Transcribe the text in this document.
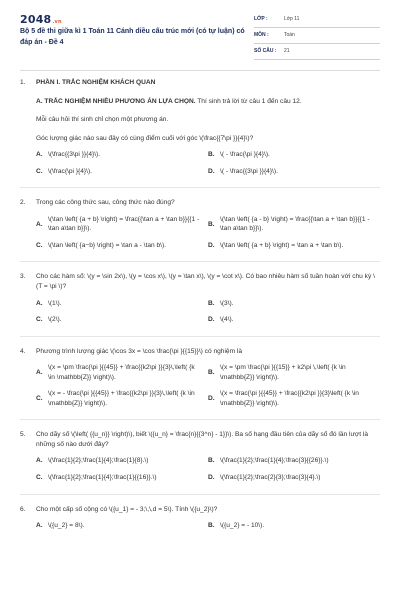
2048.vn
Bộ 5 đề thi giữa kì 1 Toán 11 Cánh diều cấu trúc mới (có tự luận) có đáp án - Đề 4
LỚP :	Lớp 11
MÔN :	Toán
SỐ CÂU :	21
1.	PHẦN I. TRẮC NGHIỆM KHÁCH QUAN
A. TRẮC NGHIỆM NHIỀU PHƯƠNG ÁN LỰA CHỌN. Thí sinh trả lời từ câu 1 đến câu 12.
Mỗi câu hỏi thí sinh chỉ chọn một phương án.
Góc lượng giác nào sau đây có cùng điểm cuối với góc \(\frac{{7\pi }}{4}\)?
A. \(\frac{{3\pi }}{4}\).	B. \( - \frac{\pi }{4}\).
C. \(\frac{\pi }{4}\).	D. \( - \frac{{3\pi }}{4}\).
2.	Trong các công thức sau, công thức nào đúng?
A.
\(\tan \left( {a + b} \right) = \frac{{\tan a + \tan b}}{{1 - \tan a\tan b}}\).
B.
\(\tan \left( {a - b} \right) = \frac{{\tan a + \tan b}}{{1 - \tan a\tan b}}\).
C. \(\tan \left( {a−b} \right) = \tan a - \tan b\).	D. \(\tan \left( {a + b} \right) = \tan a + \tan b\).
3.	Cho các hàm số: \(y = \sin 2x\), \(y = \cos x\), \(y = \tan x\), \(y = \cot x\). Có bao nhiêu hàm số tuần hoàn với chu kỳ \(T = \pi \)?
A. \(1\).	B. \(3\).
C. \(2\).	D. \(4\).
4.	Phương trình lượng giác \(\cos 3x = \cos \frac{\pi }{{15}}\) có nghiệm là
A.
\(x = \pm \frac{\pi }{{45}} + \frac{{k2\pi }}{3}\,\left( {k \in \mathbb{Z}} \right)\).
B.
\(x = \pm \frac{\pi }{{15}} + k2\pi \,\left( {k \in \mathbb{Z}} \right)\).
C.
\(x = - \frac{\pi }{{45}} + \frac{{k2\pi }}{3}\,\left( {k \in \mathbb{Z}} \right)\).
D.
\(x = \frac{\pi }{{45}} + \frac{{k2\pi }}{3}\left( {k \in \mathbb{Z}} \right)\).
5.	Cho dãy số \(\left( {{u_n}} \right)\), biết \({u_n} = \frac{n}{{3^n} - 1}}\). Ba số hạng đầu tiên của dãy số đó lần lượt là những số nào dưới đây?
A. \(\frac{1}{2};\frac{1}{4};\frac{1}{8}.\)	B. \(\frac{1}{2};\frac{1}{4};\frac{3}{{26}}.\)
C. \(\frac{1}{2};\frac{1}{4};\frac{1}{{16}}.\)	D. \(\frac{1}{2};\frac{2}{3};\frac{3}{4}.\)
6.	Cho một cấp số cộng có \({u_1} = - 3;\,\,d = 5\). Tính \({u_2}\)?
A. \({u_2} = 8\).	B. \({u_2} = - 10\).
